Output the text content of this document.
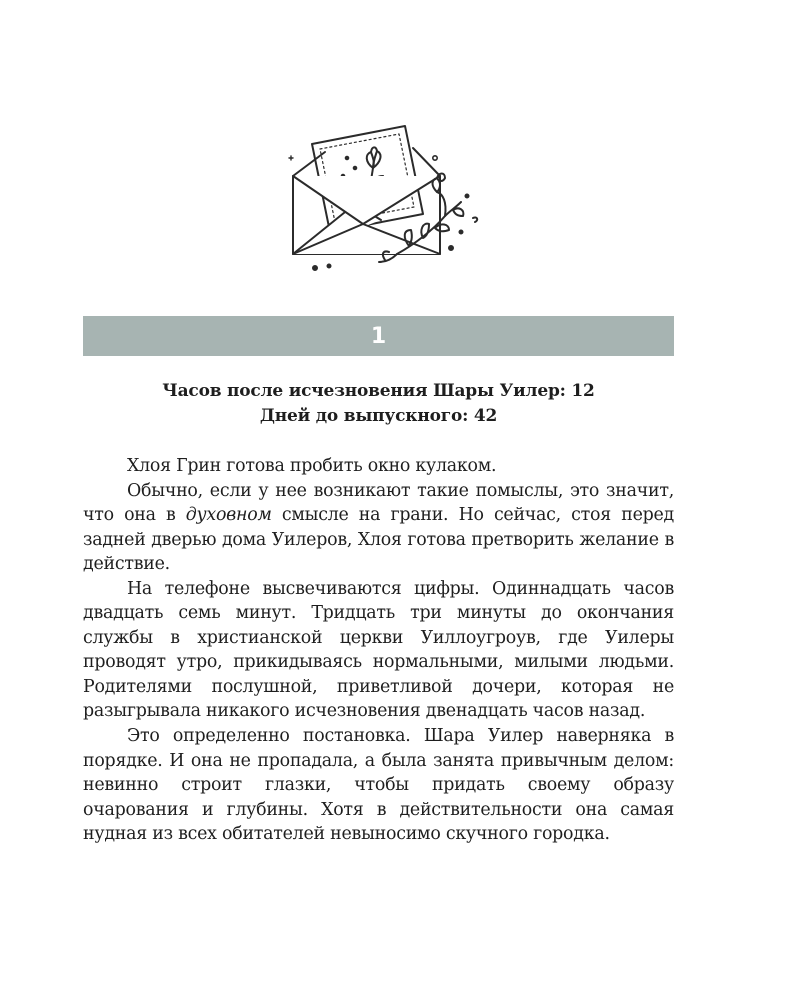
1
Часов после исчезновения Шары Уилер: 12
Дней до выпускного: 42

Хлоя Грин готова пробить окно кулаком.

Обычно, если у нее возникают такие помыслы, это значит, что она в духовном смысле на грани. Но сейчас, стоя перед задней дверью дома Уилеров, Хлоя готова претворить желание в действие.

На телефоне высвечиваются цифры. Одиннадцать часов двадцать семь минут. Тридцать три минуты до окончания службы в христианской церкви Уиллоугроув, где Уилеры проводят утро, прикидываясь нормальными, милыми людьми. Родителями послушной, приветливой дочери, которая не разыгрывала никакого исчезновения двенадцать часов назад.

Это определенно постановка. Шара Уилер наверняка в порядке. И она не пропадала, а была занята привычным делом: невинно строит глазки, чтобы придать своему образу очарования и глубины. Хотя в действительности она самая нудная из всех обитателей невыносимо скучного городка.
